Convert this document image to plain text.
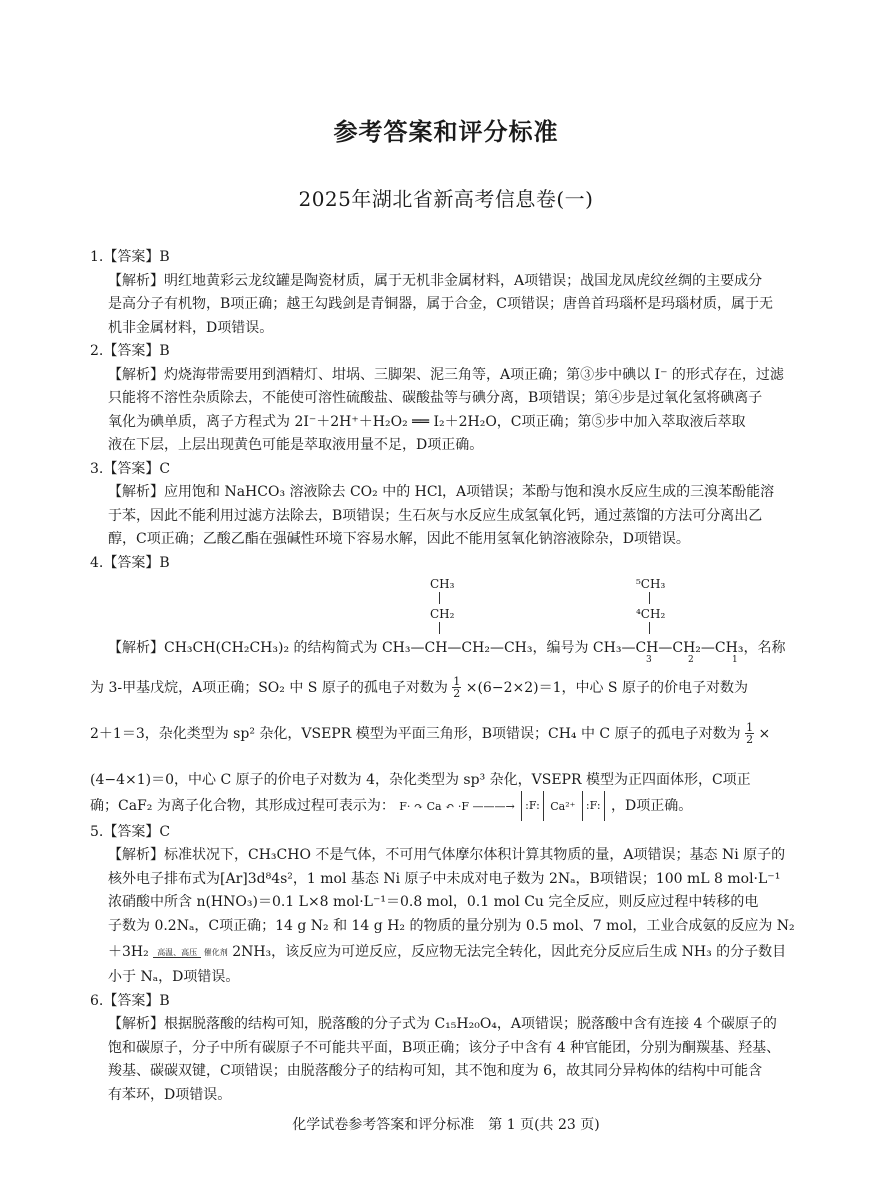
参考答案和评分标准
2025年湖北省新高考信息卷(一)
1.【答案】B
【解析】明红地黄彩云龙纹罐是陶瓷材质，属于无机非金属材料，A项错误；战国龙凤虎纹丝绸的主要成分
是高分子有机物，B项正确；越王勾践剑是青铜器，属于合金，C项错误；唐兽首玛瑙杯是玛瑙材质，属于无
机非金属材料，D项错误。
2.【答案】B
【解析】灼烧海带需要用到酒精灯、坩埚、三脚架、泥三角等，A项正确；第③步中碘以 I⁻ 的形式存在，过滤
只能将不溶性杂质除去，不能使可溶性硫酸盐、碳酸盐等与碘分离，B项错误；第④步是过氧化氢将碘离子
氧化为碘单质，离子方程式为 2I⁻＋2H⁺＋H₂O₂ ══ I₂＋2H₂O，C项正确；第⑤步中加入萃取液后萃取
液在下层，上层出现黄色可能是萃取液用量不足，D项正确。
3.【答案】C
【解析】应用饱和 NaHCO₃ 溶液除去 CO₂ 中的 HCl，A项错误；苯酚与饱和溴水反应生成的三溴苯酚能溶
于苯，因此不能利用过滤方法除去，B项错误；生石灰与水反应生成氢氧化钙，通过蒸馏的方法可分离出乙
醇，C项正确；乙酸乙酯在强碱性环境下容易水解，因此不能用氢氧化钠溶液除杂，D项错误。
4.【答案】B
CH₃
CH₂
⁵CH₃
⁴CH₂
【解析】CH₃CH(CH₂CH₃)₂ 的结构简式为 CH₃—CH—CH₂—CH₃，编号为 CH₃—CH—CH₂—CH₃，名称
3	2	1
为 3-甲基戊烷，A项正确；SO₂ 中 S 原子的孤电子对数为 $\frac{1}{2} \times(6-2\times 2)=1$，中心 S 原子的价电子对数为
2＋1＝3，杂化类型为 sp² 杂化，VSEPR 模型为平面三角形，B项错误；CH₄ 中 C 原子的孤电子对数为 $\frac{1}{2}$ ×
(4−4×1)＝0，中心 C 原子的价电子对数为 4，杂化类型为 sp³ 杂化，VSEPR 模型为正四面体形，C项正
确；CaF₂ 为离子化合物，其形成过程可表示为： F· ↷ Ca ↶ ·F ———→ :F: Ca²⁺ :F: ，D项正确。
5.【答案】C
【解析】标准状况下，CH₃CHO 不是气体，不可用气体摩尔体积计算其物质的量，A项错误；基态 Ni 原子的
核外电子排布式为[Ar]3d⁸4s²，1 mol 基态 Ni 原子中未成对电子数为 2Nₐ，B项错误；100 mL 8 mol·L⁻¹
浓硝酸中所含 n(HNO₃)＝0.1 L×8 mol·L⁻¹＝0.8 mol，0.1 mol Cu 完全反应，则反应过程中转移的电
子数为 0.2Nₐ，C项正确；14 g N₂ 和 14 g H₂ 的物质的量分别为 0.5 mol、7 mol，工业合成氨的反应为 N₂
＋3H₂ 高温、高压 催化剂 2NH₃，该反应为可逆反应，反应物无法完全转化，因此充分反应后生成 NH₃ 的分子数目
小于 Nₐ，D项错误。
6.【答案】B
【解析】根据脱落酸的结构可知，脱落酸的分子式为 C₁₅H₂₀O₄，A项错误；脱落酸中含有连接 4 个碳原子的
饱和碳原子，分子中所有碳原子不可能共平面，B项正确；该分子中含有 4 种官能团，分别为酮羰基、羟基、
羧基、碳碳双键，C项错误；由脱落酸分子的结构可知，其不饱和度为 6，故其同分异构体的结构中可能含
有苯环，D项错误。
化学试卷参考答案和评分标准　第 1 页(共 23 页)
